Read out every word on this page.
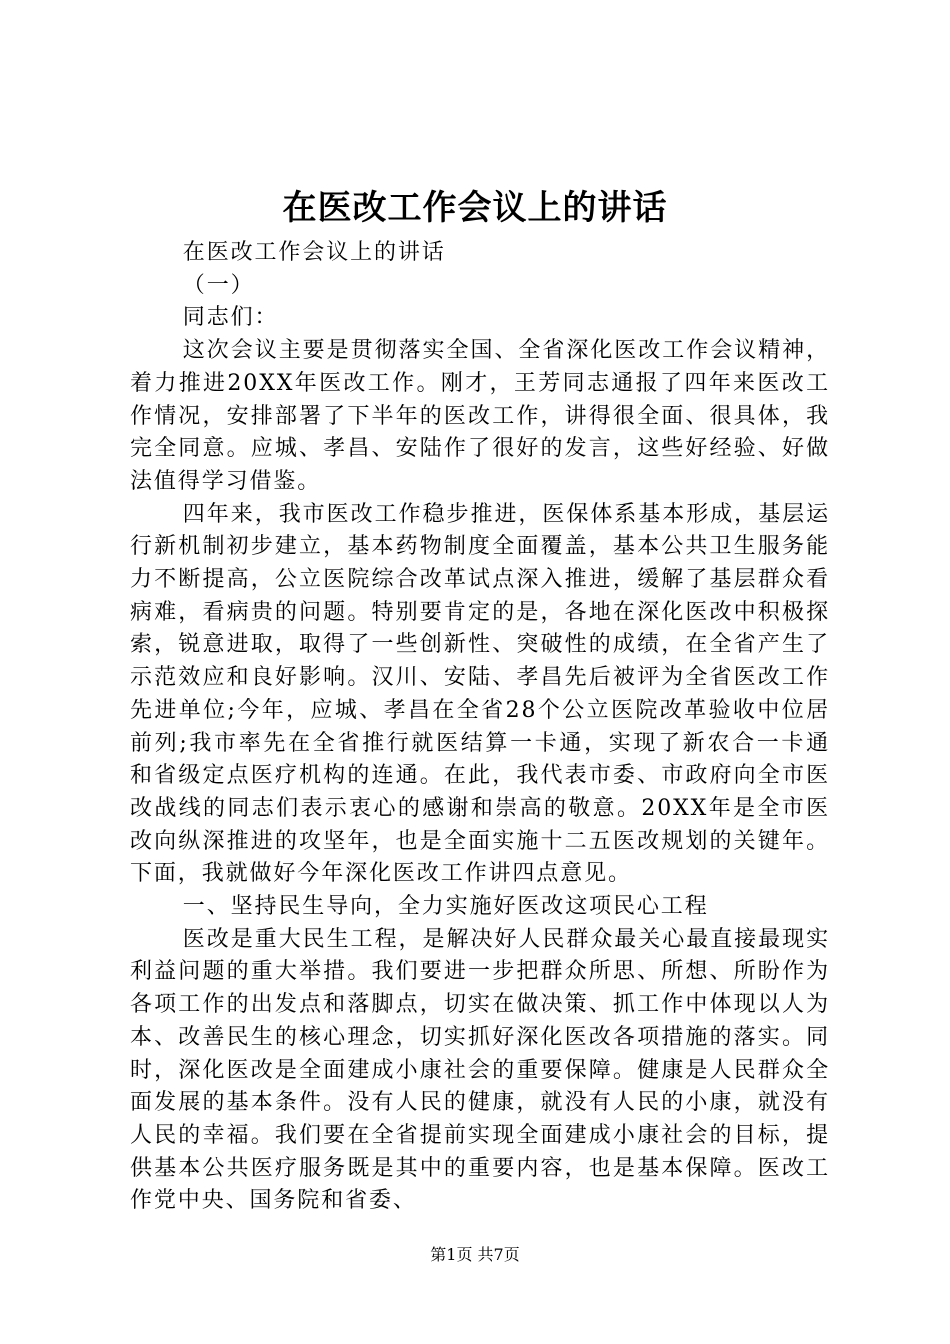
在医改工作会议上的讲话

在医改工作会议上的讲话

（一）

同志们：

这次会议主要是贯彻落实全国、全省深化医改工作会议精神，着力推进20XX年医改工作。刚才，王芳同志通报了四年来医改工作情况，安排部署了下半年的医改工作，讲得很全面、很具体，我完全同意。应城、孝昌、安陆作了很好的发言，这些好经验、好做法值得学习借鉴。

四年来，我市医改工作稳步推进，医保体系基本形成，基层运行新机制初步建立，基本药物制度全面覆盖，基本公共卫生服务能力不断提高，公立医院综合改革试点深入推进，缓解了基层群众看病难，看病贵的问题。特别要肯定的是，各地在深化医改中积极探索，锐意进取，取得了一些创新性、突破性的成绩，在全省产生了示范效应和良好影响。汉川、安陆、孝昌先后被评为全省医改工作先进单位;今年，应城、孝昌在全省28个公立医院改革验收中位居前列;我市率先在全省推行就医结算一卡通，实现了新农合一卡通和省级定点医疗机构的连通。在此，我代表市委、市政府向全市医改战线的同志们表示衷心的感谢和崇高的敬意。20XX年是全市医改向纵深推进的攻坚年，也是全面实施十二五医改规划的关键年。下面，我就做好今年深化医改工作讲四点意见。

一、坚持民生导向，全力实施好医改这项民心工程

医改是重大民生工程，是解决好人民群众最关心最直接最现实利益问题的重大举措。我们要进一步把群众所思、所想、所盼作为各项工作的出发点和落脚点，切实在做决策、抓工作中体现以人为本、改善民生的核心理念，切实抓好深化医改各项措施的落实。同时，深化医改是全面建成小康社会的重要保障。健康是人民群众全面发展的基本条件。没有人民的健康，就没有人民的小康，就没有人民的幸福。我们要在全省提前实现全面建成小康社会的目标，提供基本公共医疗服务既是其中的重要内容，也是基本保障。医改工作党中央、国务院和省委、

第1页 共7页
